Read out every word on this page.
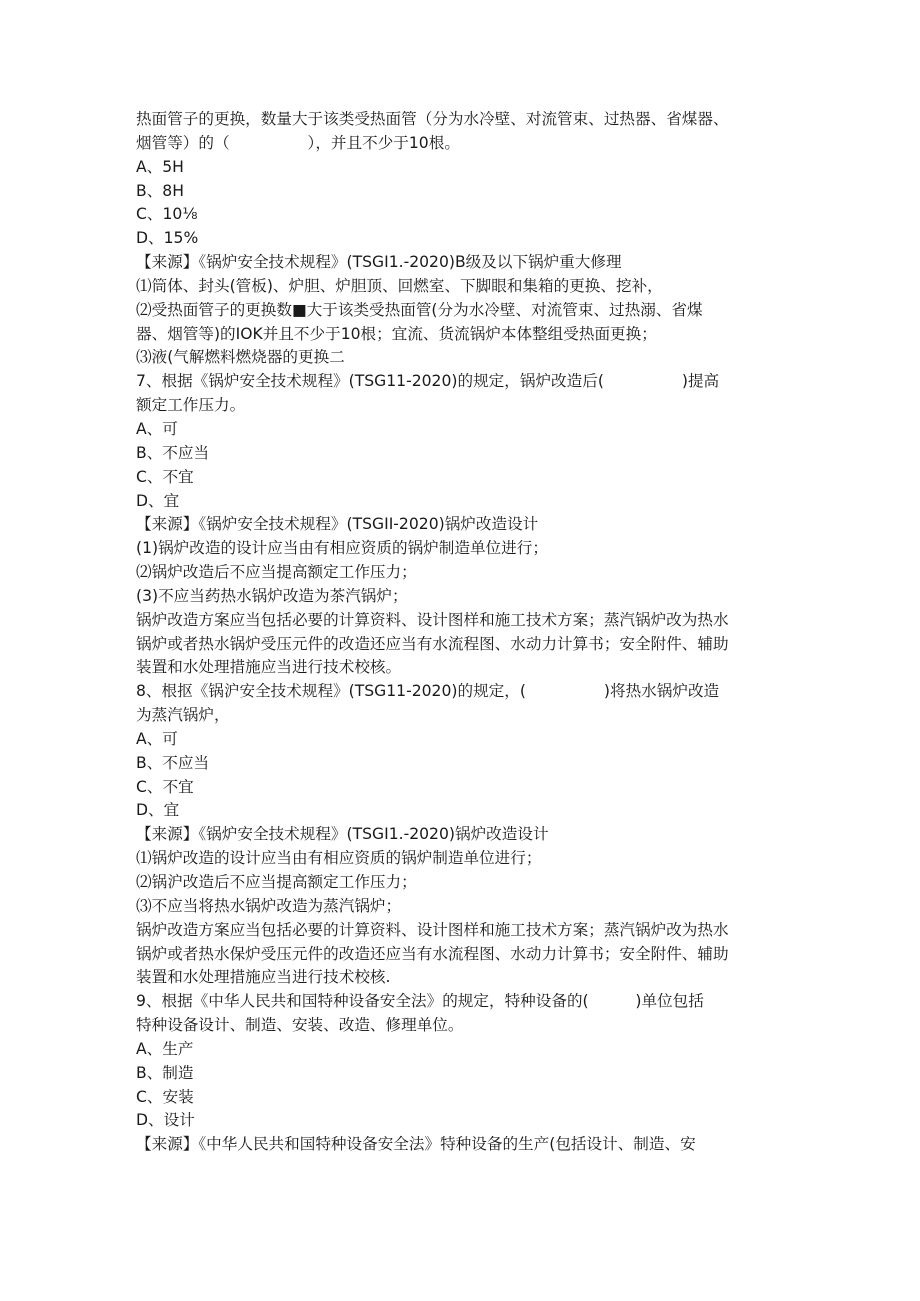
热面管子的更换，数量大于该类受热面管（分为水冷壁、对流管束、过热器、省煤器、
烟管等）的（　　　　　），并且不少于10根。
A、5H
B、8H
C、10⅛
D、15%
【来源】《锅炉安全技术规程》(TSGI1.-2020)B级及以下锅炉重大修理
⑴筒体、封头(管板)、炉胆、炉胆顶、回燃室、下脚眼和集箱的更换、挖补，
⑵受热面管子的更换数■大于该类受热面管(分为水冷壁、对流管束、过热溺、省煤
器、烟管等)的IOK并且不少于10根；宜流、货流锅炉本体整组受热面更换；
⑶液(气解燃料燃烧器的更换二
7、根据《锅炉安全技术规程》(TSG11-2020)的规定，锅炉改造后(　　　　　)提高
额定工作压力。
A、可
B、不应当
C、不宜
D、宜
【来源】《锅炉安全技术规程》(TSGII-2020)锅炉改造设计
(1)锅炉改造的设计应当由有相应资质的锅炉制造单位进行；
⑵锅炉改造后不应当提高额定工作压力；
(3)不应当药热水锅炉改造为茶汽锅炉；
锅炉改造方案应当包括必要的计算资料、设计图样和施工技术方案；蒸汽锅炉改为热水
锅炉或者热水锅炉受压元件的改造还应当有水流程图、水动力计算书；安全附件、辅助
装置和水处理措施应当进行技术校核。
8、根抠《锅沪安全技术规程》(TSG11-2020)的规定，(　　　　　)将热水锅炉改造
为蒸汽锅炉，
A、可
B、不应当
C、不宜
D、宜
【来源】《锅炉安全技术规程》(TSGI1.-2020)锅炉改造设计
⑴锅炉改造的设计应当由有相应资质的锅炉制造单位进行；
⑵锅沪改造后不应当提高额定工作压力；
⑶不应当将热水锅炉改造为蒸汽锅炉；
锅炉改造方案应当包括必要的计算资料、设计图样和施工技术方案；蒸汽锅炉改为热水
锅炉或者热水保炉受压元件的改造还应当有水流程图、水动力计算书；安全附件、辅助
装置和水处理措施应当进行技术校核.
9、根据《中华人民共和国特种设备安全法》的规定，特种设备的(　　　)单位包括
特种设备设计、制造、安装、改造、修理单位。
A、生产
B、制造
C、安装
D、设计
【来源】《中华人民共和国特种设备安全法》特种设备的生产(包括设计、制造、安
